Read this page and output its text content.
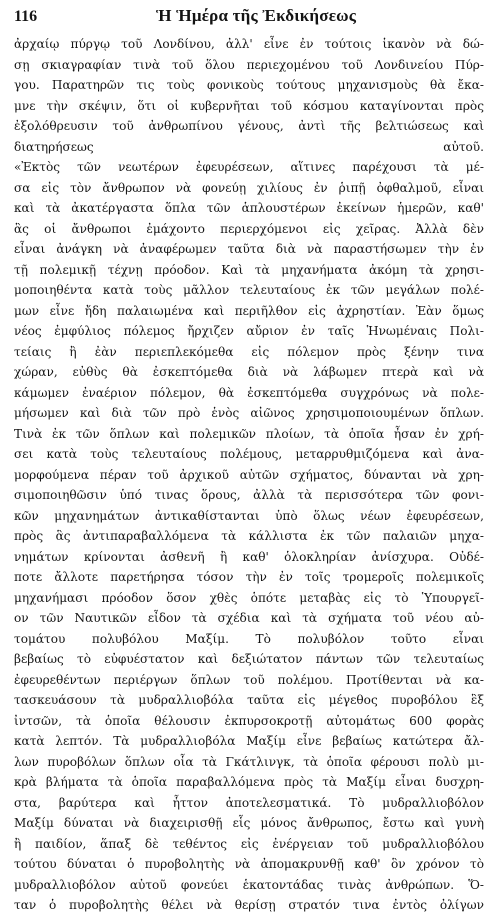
116	Ἡ Ἡμέρα τῆς Ἐκδικήσεως
ἀρχαίῳ πύργῳ τοῦ Λονδίνου, ἀλλ' εἶνε ἐν τούτοις ἱκανὸν νὰ δώ-
σῃ σκιαγραφίαν τινὰ τοῦ ὅλου περιεχομένου τοῦ Λονδινείου Πύρ-
γου. Παρατηρῶν τις τοὺς φονικοὺς τούτους μηχανισμοὺς θὰ ἔκα-
μνε τὴν σκέψιν, ὅτι οἱ κυβερνῆται τοῦ κόσμου καταγίνονται πρὸς
ἐξολόθρευσιν τοῦ ἀνθρωπίνου γένους, ἀντὶ τῆς βελτιώσεως καὶ
διατηρήσεως αὐτοῦ.
«Ἐκτὸς τῶν νεωτέρων ἐφευρέσεων, αἵτινες παρέχουσι τὰ μέ-
σα εἰς τὸν ἄνθρωπον νὰ φονεύῃ χιλίους ἐν ῥιπῇ ὀφθαλμοῦ, εἶναι
καὶ τὰ ἀκατέργαστα ὅπλα τῶν ἁπλουστέρων ἐκείνων ἡμερῶν, καθ'
ἃς οἱ ἄνθρωποι ἐμάχοντο περιερχόμενοι εἰς χεῖρας. Ἀλλὰ δὲν
εἶναι ἀνάγκη νὰ ἀναφέρωμεν ταῦτα διὰ νὰ παραστήσωμεν τὴν ἐν
τῇ πολεμικῇ τέχνῃ πρόοδον. Καὶ τὰ μηχανήματα ἀκόμη τὰ χρησι-
μοποιηθέντα κατὰ τοὺς μᾶλλον τελευταίους ἐκ τῶν μεγάλων πολέ-
μων εἶνε ἤδη παλαιωμένα καὶ περιῆλθον εἰς ἀχρηστίαν. Ἐὰν ὅμως
νέος ἐμφύλιος πόλεμος ἤρχιζεν αὔριον ἐν ταῖς Ἡνωμέναις Πολι-
τείαις ἢ ἐὰν περιεπλεκόμεθα εἰς πόλεμον πρὸς ξένην τινα
χώραν, εὐθὺς θὰ ἐσκεπτόμεθα διὰ νὰ λάβωμεν πτερὰ καὶ νὰ
κάμωμεν ἐναέριον πόλεμον, θὰ ἐσκεπτόμεθα συγχρόνως νὰ πολε-
μήσωμεν καὶ διὰ τῶν πρὸ ἑνὸς αἰῶνος χρησιμοποιουμένων ὅπλων.
Τινὰ ἐκ τῶν ὅπλων καὶ πολεμικῶν πλοίων, τὰ ὁποῖα ἦσαν ἐν χρή-
σει κατὰ τοὺς τελευταίους πολέμους, μεταρρυθμιζόμενα καὶ ἀνα-
μορφούμενα πέραν τοῦ ἀρχικοῦ αὐτῶν σχήματος, δύνανται νὰ χρη-
σιμοποιηθῶσιν ὑπό τινας ὅρους, ἀλλὰ τὰ περισσότερα τῶν φονι-
κῶν μηχανημάτων ἀντικαθίστανται ὑπὸ ὅλως νέων ἐφευρέσεων,
πρὸς ἃς ἀντιπαραβαλλόμενα τὰ κάλλιστα ἐκ τῶν παλαιῶν μηχα-
νημάτων κρίνονται ἀσθενῆ ἢ καθ' ὁλοκληρίαν ἀνίσχυρα. Οὐδέ-
ποτε ἄλλοτε παρετήρησα τόσον τὴν ἐν τοῖς τρομεροῖς πολεμικοῖς
μηχανήμασι πρόοδον ὅσον χθὲς ὁπότε μεταβὰς εἰς τὸ Ὑπουργεῖ-
ον τῶν Ναυτικῶν εἶδον τὰ σχέδια καὶ τὰ σχήματα τοῦ νέου αὐ-
τομάτου πολυβόλου Μαξίμ. Τὸ πολυβόλον τοῦτο εἶναι
βεβαίως τὸ εὐφυέστατον καὶ δεξιώτατον πάντων τῶν τελευταίως
ἐφευρεθέντων περιέργων ὅπλων τοῦ πολέμου. Προτίθενται νὰ κα-
τασκευάσουν τὰ μυδραλλιοβόλα ταῦτα εἰς μέγεθος πυροβόλου ἓξ
ἰντσῶν, τὰ ὁποῖα θέλουσιν ἐκπυρσοκροτῇ αὐτομάτως 600 φορὰς
κατὰ λεπτόν. Τὰ μυδραλλιοβόλα Μαξίμ εἶνε βεβαίως κατώτερα ἄλ-
λων πυροβόλων ὅπλων οἷα τὰ Γκάτλινγκ, τὰ ὁποῖα φέρουσι πολὺ μι-
κρὰ βλήματα τὰ ὁποῖα παραβαλλόμενα πρὸς τὰ Μαξίμ εἶναι δυσχρη-
στα, βαρύτερα καὶ ἧττον ἀποτελεσματικά. Τὸ μυδραλλιοβόλον
Μαξίμ δύναται νὰ διαχειρισθῇ εἷς μόνος ἄνθρωπος, ἔστω καὶ γυνὴ
ἢ παιδίον, ἅπαξ δὲ τεθέντος εἰς ἐνέργειαν τοῦ μυδραλλιοβόλου
τούτου δύναται ὁ πυροβολητὴς νὰ ἀπομακρυνθῇ καθ' ὃν χρόνον τὸ
μυδραλλιοβόλον αὐτοῦ φονεύει ἑκατοντάδας τινὰς ἀνθρώπων. Ὅ-
ταν ὁ πυροβολητὴς θέλει νὰ θερίσῃ στρατόν τινα ἐντὸς ὀλίγων
